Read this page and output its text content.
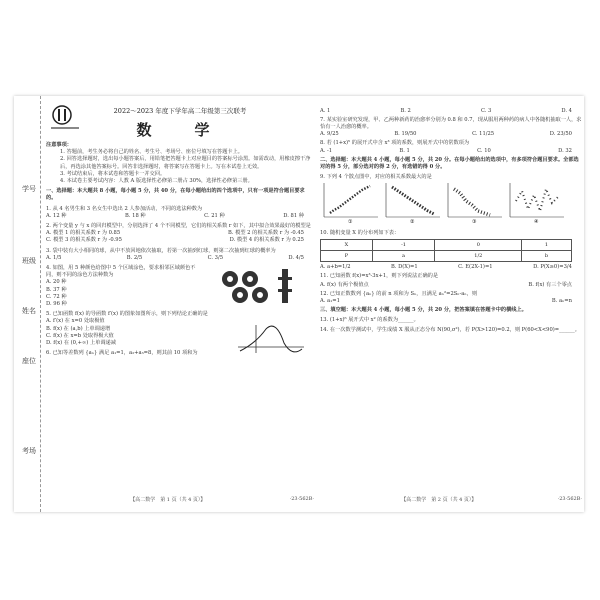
学号
班级
姓名
座位
考场
2022～2023 年度下学年高二年级第三次联考
数　学
注意事项：
1. 答题前，考生务必将自己的姓名、考生号、考场号、座位号填写在答题卡上。
2. 回答选择题时，选出每小题答案后，用铅笔把答题卡上对应题目的答案标号涂黑。如需改动，用橡皮擦干净后，再选涂其他答案标号。回答非选择题时，将答案写在答题卡上。写在本试卷上无效。
3. 考试结束后，将本试卷和答题卡一并交回。
4. 本试卷主要考试内容：人教 A 版选择性必修第二册占 30%，选择性必修第三册。
一、选择题：本大题共 8 小题，每小题 5 分，共 40 分，在每小题给出的四个选项中，只有一项是符合题目要求的。
1. 从 4 名男生和 3 名女生中选出 2 人参加活动，不同的选法种数为
A. 12 种	B. 18 种	C. 21 种	D. 81 种
2. 两个变量 y 与 x 的回归模型中，分别选择了 4 个不同模型，它们的相关系数 r 如下，其中拟合效果最好的模型是
A. 模型 1 的相关系数 r 为 0.85	B. 模型 2 的相关系数 r 为 -0.45
C. 模型 3 的相关系数 r 为 -0.95	D. 模型 4 的相关系数 r 为 0.25
3. 袋中装有大小相同的球，从中不放回地依次抽取，若第一次抽到红球，则第二次抽到红球的概率为
A. 1/5	B. 2/5	C. 3/5	D. 4/5
4. 如图，用 5 种颜色给图中 5 个区域涂色，要求相邻区域颜色不同，则不同的涂色方法种数为
A. 20 种
B. 37 种
C. 72 种
D. 96 种
5. 已知函数 f(x) 的导函数 f′(x) 的图象如图所示，则下列结论正确的是
A. f′(x) 在 x=0 处取极值
B. f(x) 在 (a,b) 上单调递增
C. f(x) 在 x=b 处取得极大值
D. f(x) 在 (0,+∞) 上单调递减
6. 已知等差数列 {aₙ} 满足 a₁=1，a₂+a₃=8，则其前 10 项和为
【高二数学　第 1 页（共 4 页）】	·23·562B·
A. 1	B. 2	C. 3	D. 4
7. 某实验室研究发现，甲、乙两种新药的治愈率分别为 0.8 和 0.7，现从服用两种药的病人中各随机抽取一人，求恰有一人治愈的概率。
A. 9/25	B. 19/50	C. 11/25	D. 23/50
8. 若 (1+x)⁵ 的展开式中含 x³ 项的系数，则展开式中的常数项为
A. -1	B. 1	C. 10	D. 32
二、选择题：本大题共 4 小题，每小题 5 分，共 20 分。在每小题给出的选项中，有多项符合题目要求。全部选对的得 5 分，部分选对的得 2 分，有选错的得 0 分。
9. 下列 4 个散点图中，对应的相关系数最大的是
①	②	③	④
10. 随机变量 X 的分布列如下表：
X	-1	0	1
P	a	1/2	b
A. a+b=1/2	B. D(X)=1	C. E(2X-1)=1	D. P(X≥0)=3/4
11. 已知函数 f(x)=x³-3x+1，则下列说法正确的是
A. f(x) 有两个极值点	B. f(x) 有三个零点
12. 已知正数数列 {aₙ} 的前 n 项和为 Sₙ，且满足 aₙ²=2Sₙ-aₙ，则
A. a₁=1	B. aₙ=n
三、填空题：本大题共 4 小题，每小题 5 分，共 20 分，把答案填在答题卡中的横线上。
13. (1+x)⁶ 展开式中 x² 的系数为______。
14. 在一次数学测试中，学生成绩 X 服从正态分布 N(90,σ²)，若 P(X>120)=0.2，则 P(60<X<90)=______。
【高二数学　第 2 页（共 4 页）】	·23·562B·
